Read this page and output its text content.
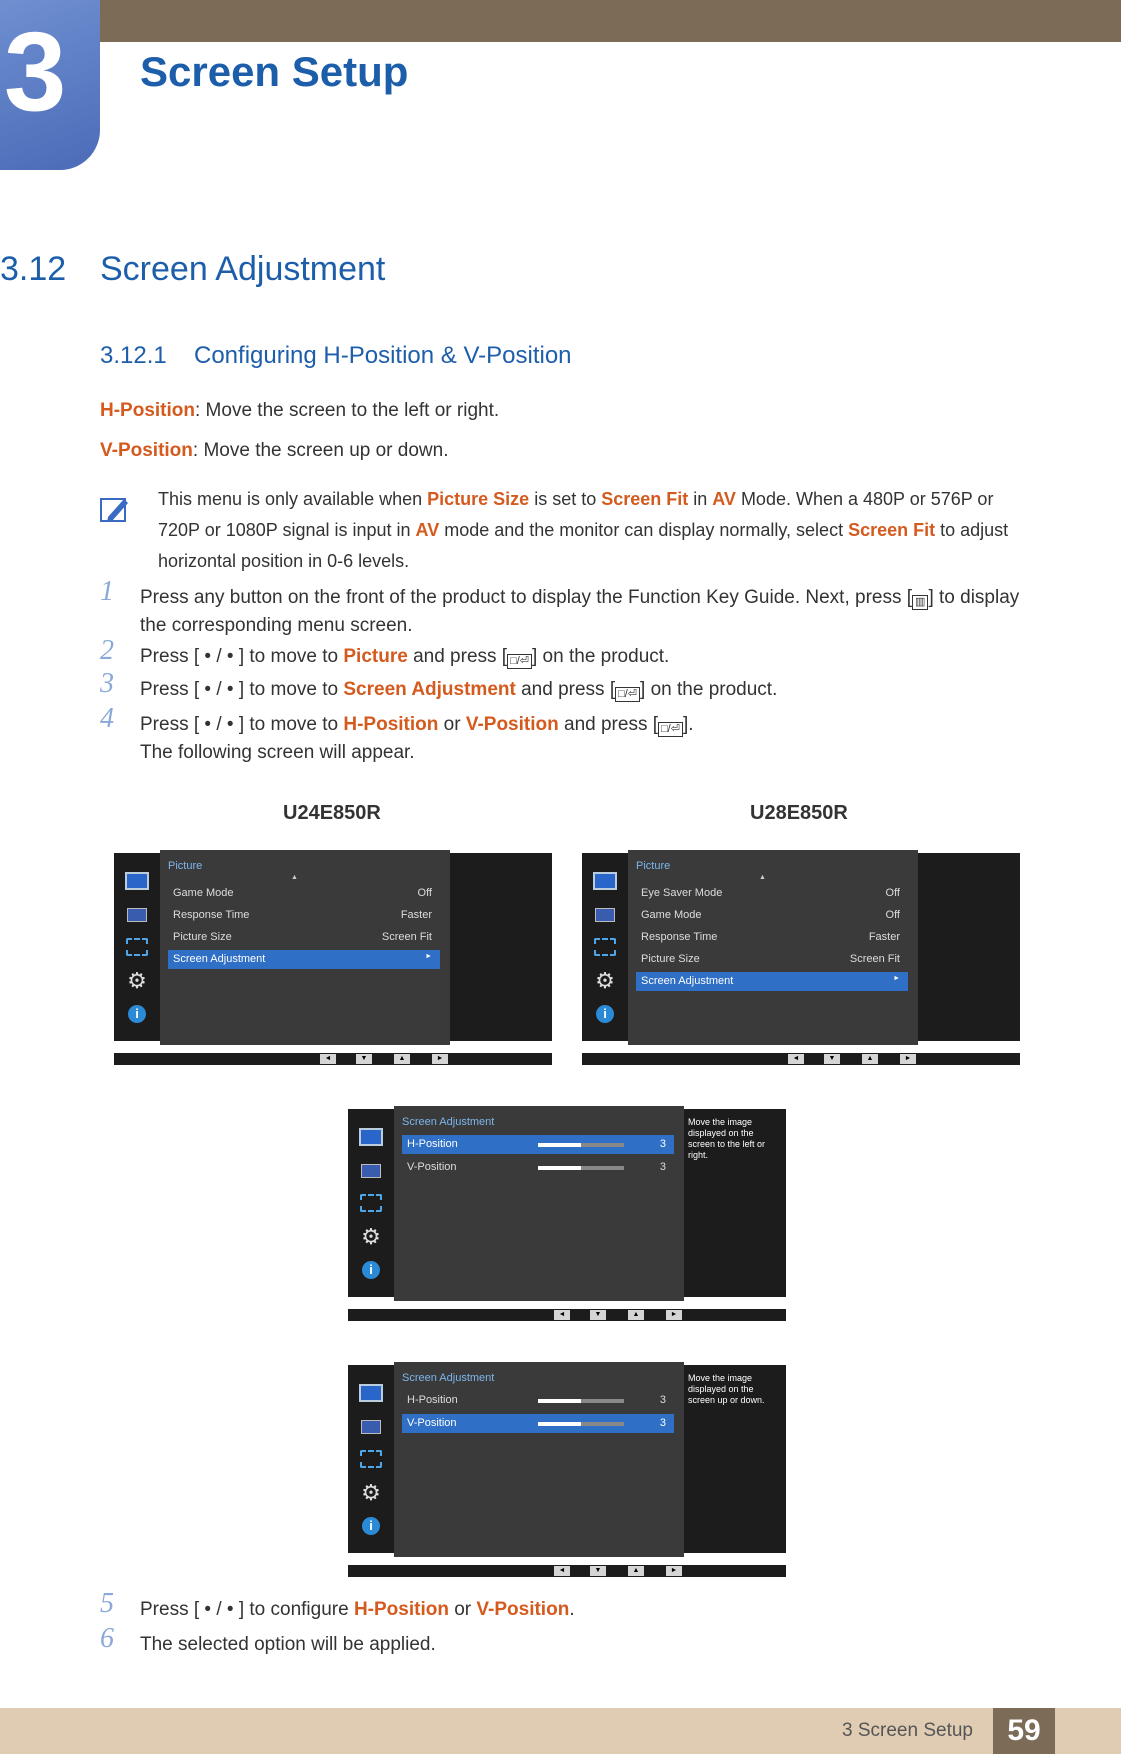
3	Screen Setup
3.12 Screen Adjustment
3.12.1 Configuring H-Position & V-Position
H-Position: Move the screen to the left or right.
V-Position: Move the screen up or down.
This menu is only available when Picture Size is set to Screen Fit in AV Mode. When a 480P or 576P or 720P or 1080P signal is input in AV mode and the monitor can display normally, select Screen Fit to adjust horizontal position in 0-6 levels.
1 Press any button on the front of the product to display the Function Key Guide. Next, press [ ▥ ] to display the corresponding menu screen.
2 Press [ • / • ] to move to Picture and press [ □/⏎ ] on the product.
3 Press [ • / • ] to move to Screen Adjustment and press [ □/⏎ ] on the product.
4 Press [ • / • ] to move to H-Position or V-Position and press [ □/⏎ ].
The following screen will appear.
U24E850R	U28E850R
⚙
i
Picture
▲
Game Mode	Off
Response Time	Faster
Picture Size	Screen Fit
Screen Adjustment	►
◄	▼	▲	►
⚙
i
Picture
▲
Eye Saver Mode	Off
Game Mode	Off
Response Time	Faster
Picture Size	Screen Fit
Screen Adjustment	►
◄	▼	▲	►
⚙
i
Screen Adjustment
H-Position	3
V-Position	3
Move the image displayed on the screen to the left or right.
◄	▼	▲	►
⚙
i
Screen Adjustment
H-Position	3
V-Position	3
Move the image displayed on the screen up or down.
◄	▼	▲	►
5 Press [ • / • ] to configure H-Position or V-Position.
6 The selected option will be applied.
3 Screen Setup	59
